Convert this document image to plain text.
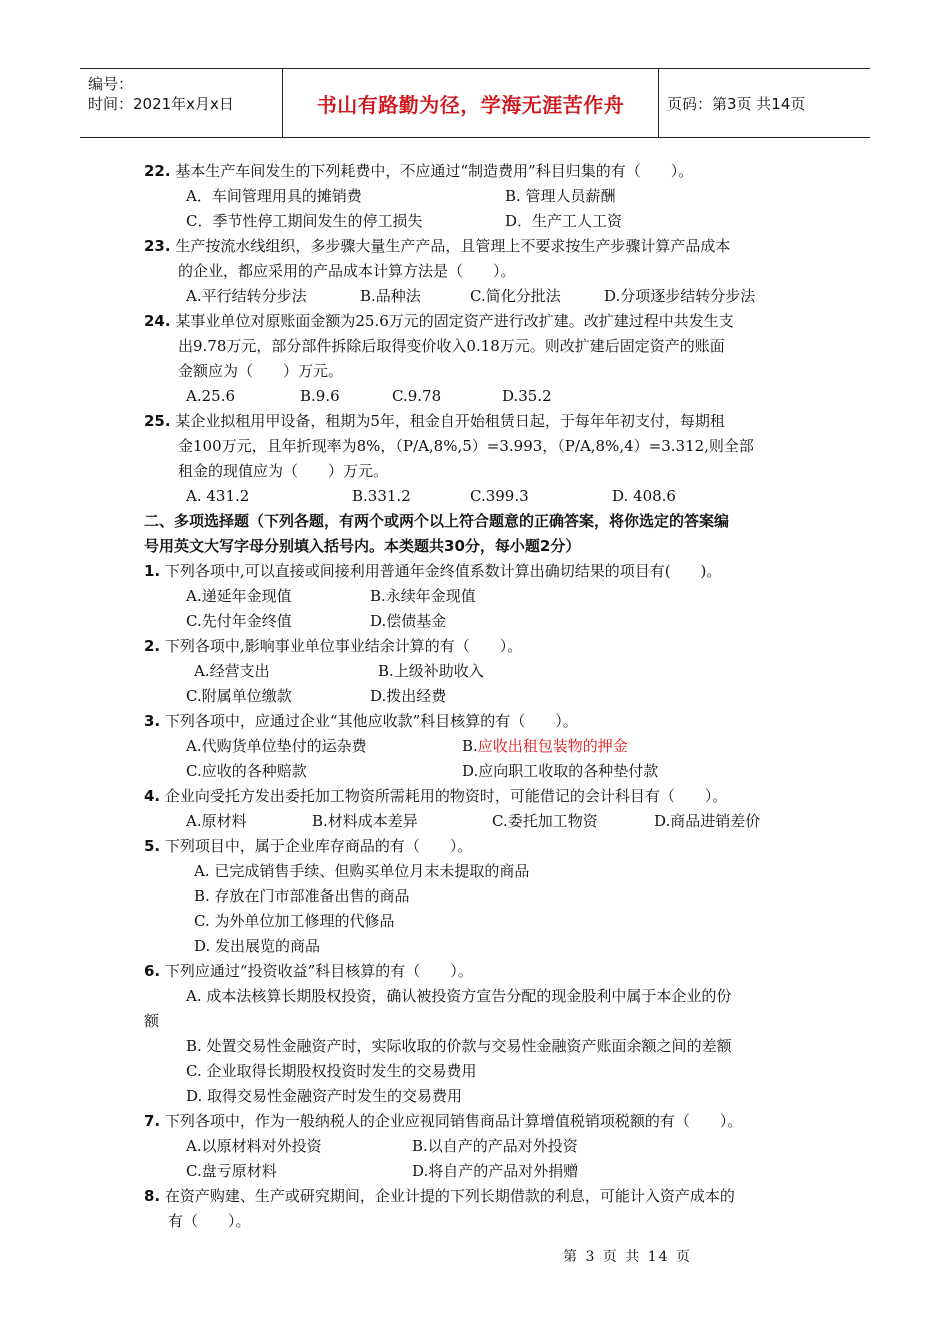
编号：
时间：2021年x月x日	书山有路勤为径，学海无涯苦作舟	页码：第3页 共14页
22. 基本生产车间发生的下列耗费中，不应通过“制造费用”科目归集的有（　　）。
A．车间管理用具的摊销费	B. 管理人员薪酬
C．季节性停工期间发生的停工损失	D．生产工人工资
23. 生产按流水线组织，多步骤大量生产产品，且管理上不要求按生产步骤计算产品成本
的企业，都应采用的产品成本计算方法是（　　）。
A.平行结转分步法	B.品种法	C.简化分批法	D.分项逐步结转分步法
24. 某事业单位对原账面金额为25.6万元的固定资产进行改扩建。改扩建过程中共发生支
出9.78万元，部分部件拆除后取得变价收入0.18万元。则改扩建后固定资产的账面
金额应为（　　）万元。
A.25.6	B.9.6	C.9.78	D.35.2
25. 某企业拟租用甲设备，租期为5年，租金自开始租赁日起，于每年年初支付，每期租
金100万元，且年折现率为8%，（P/A,8%,5）=3.993，（P/A,8%,4）=3.312,则全部
租金的现值应为（　　）万元。
A. 431.2	B.331.2	C.399.3	D. 408.6
二、多项选择题（下列各题，有两个或两个以上符合题意的正确答案，将你选定的答案编
号用英文大写字母分别填入括号内。本类题共30分，每小题2分）
1. 下列各项中,可以直接或间接利用普通年金终值系数计算出确切结果的项目有(　　)。
A.递延年金现值	B.永续年金现值
C.先付年金终值	D.偿债基金
2. 下列各项中,影响事业单位事业结余计算的有（　　）。
A.经营支出	B.上级补助收入
C.附属单位缴款	D.拨出经费
3. 下列各项中，应通过企业“其他应收款”科目核算的有（　　）。
A.代购货单位垫付的运杂费	B.应收出租包装物的押金
C.应收的各种赔款	D.应向职工收取的各种垫付款
4. 企业向受托方发出委托加工物资所需耗用的物资时，可能借记的会计科目有（　　）。
A.原材料	B.材料成本差异	C.委托加工物资	D.商品进销差价
5. 下列项目中，属于企业库存商品的有（　　）。
A. 已完成销售手续、但购买单位月末未提取的商品
B. 存放在门市部准备出售的商品
C. 为外单位加工修理的代修品
D. 发出展览的商品
6. 下列应通过“投资收益”科目核算的有（　　）。
A. 成本法核算长期股权投资，确认被投资方宣告分配的现金股利中属于本企业的份
额
B. 处置交易性金融资产时，实际收取的价款与交易性金融资产账面余额之间的差额
C. 企业取得长期股权投资时发生的交易费用
D. 取得交易性金融资产时发生的交易费用
7. 下列各项中，作为一般纳税人的企业应视同销售商品计算增值税销项税额的有（　　）。
A.以原材料对外投资	B.以自产的产品对外投资
C.盘亏原材料	D.将自产的产品对外捐赠
8. 在资产购建、生产或研究期间，企业计提的下列长期借款的利息，可能计入资产成本的
有（　　）。
第 3 页 共 14 页
